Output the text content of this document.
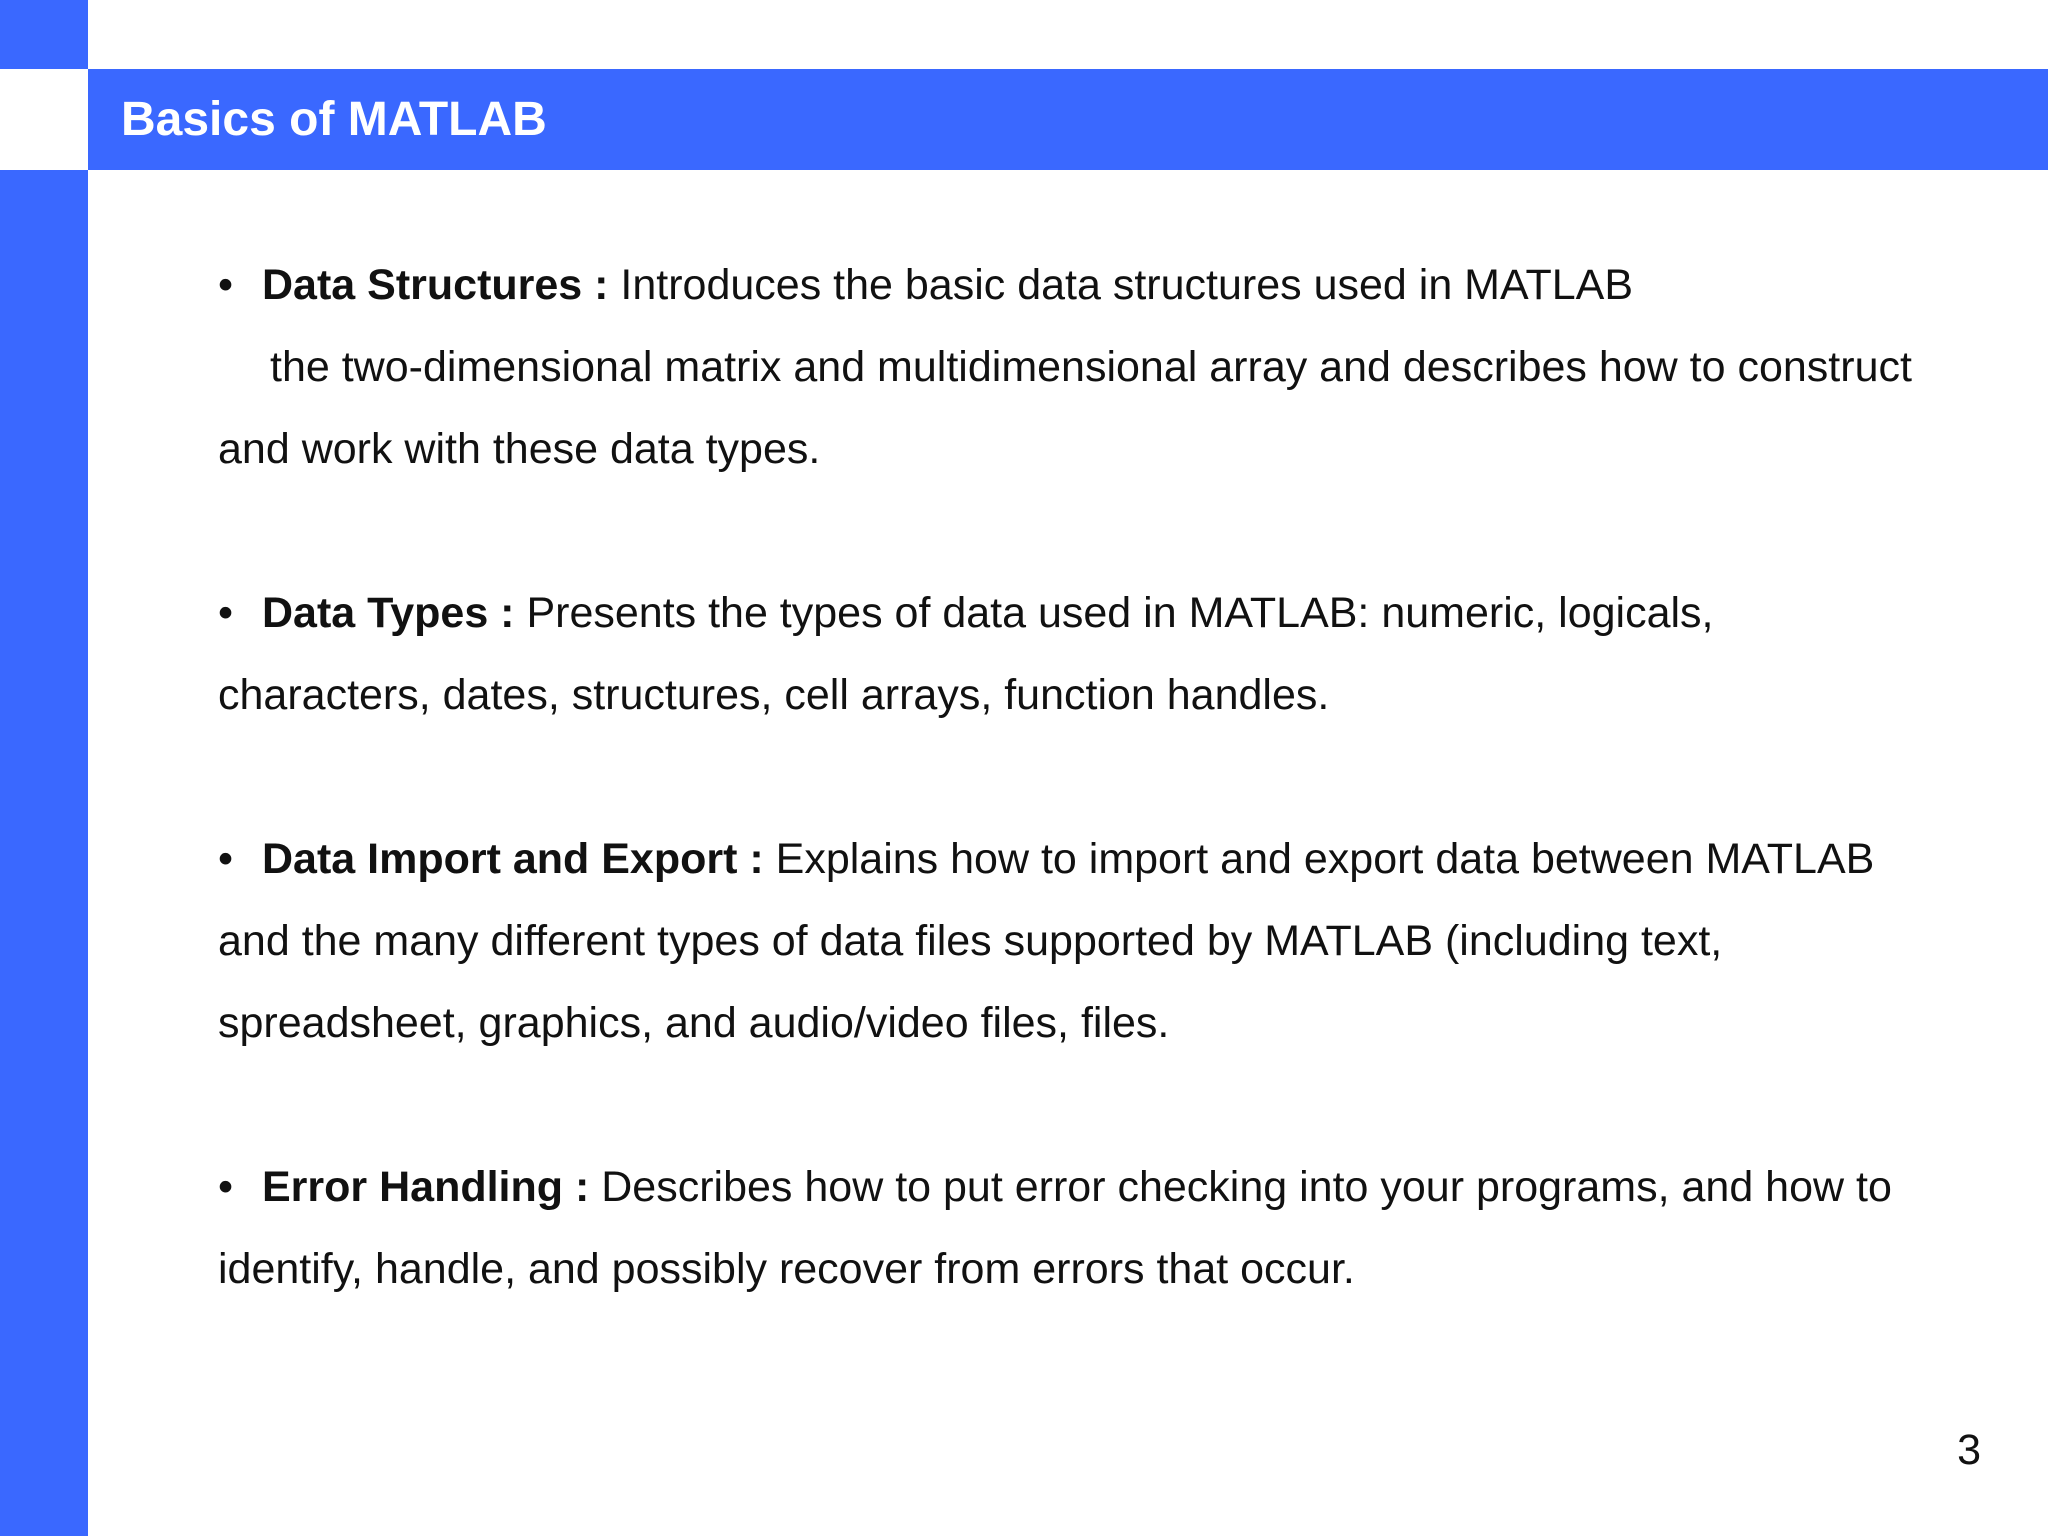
Basics of MATLAB

• Data Structures : Introduces the basic data structures used in MATLAB
the two-dimensional matrix and multidimensional array and describes how to construct
and work with these data types.

• Data Types : Presents the types of data used in MATLAB: numeric, logicals,
characters, dates, structures, cell arrays, function handles.

• Data Import and Export : Explains how to import and export data between MATLAB
and the many different types of data files supported by MATLAB (including text,
spreadsheet, graphics, and audio/video files, files.

• Error Handling : Describes how to put error checking into your programs, and how to
identify, handle, and possibly recover from errors that occur.

3
